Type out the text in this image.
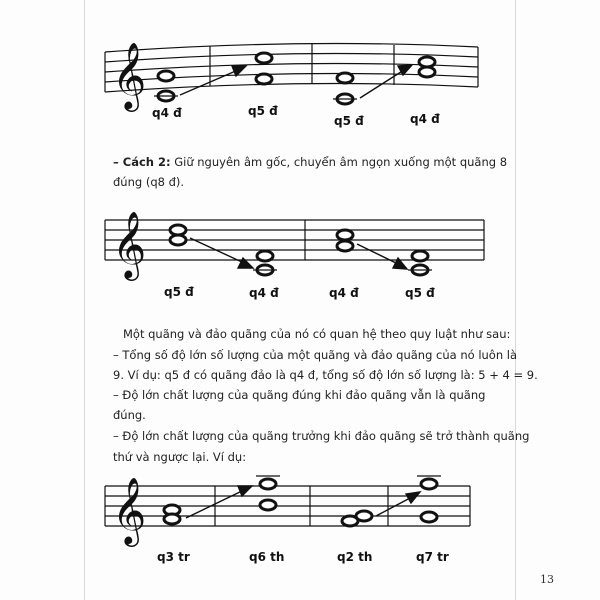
𝄞
q4 đ	q5 đ
q5 đ	q4 đ
– Cách 2: Giữ nguyên âm gốc, chuyển âm ngọn xuống một quãng 8
đúng (q8 đ).
𝄞
q5 đ	q4 đ	q4 đ	q5 đ
Một quãng và đảo quãng của nó có quan hệ theo quy luật như sau:
– Tổng số độ lớn số lượng của một quãng và đảo quãng của nó luôn là
9. Ví dụ: q5 đ có quãng đảo là q4 đ, tổng số độ lớn số lượng là: 5 + 4 = 9.
– Độ lớn chất lượng của quãng đúng khi đảo quãng vẫn là quãng
đúng.
– Độ lớn chất lượng của quãng trưởng khi đảo quãng sẽ trở thành quãng
thứ và ngược lại. Ví dụ:
𝄞
q3 tr	q6 th	q2 th	q7 tr
13
